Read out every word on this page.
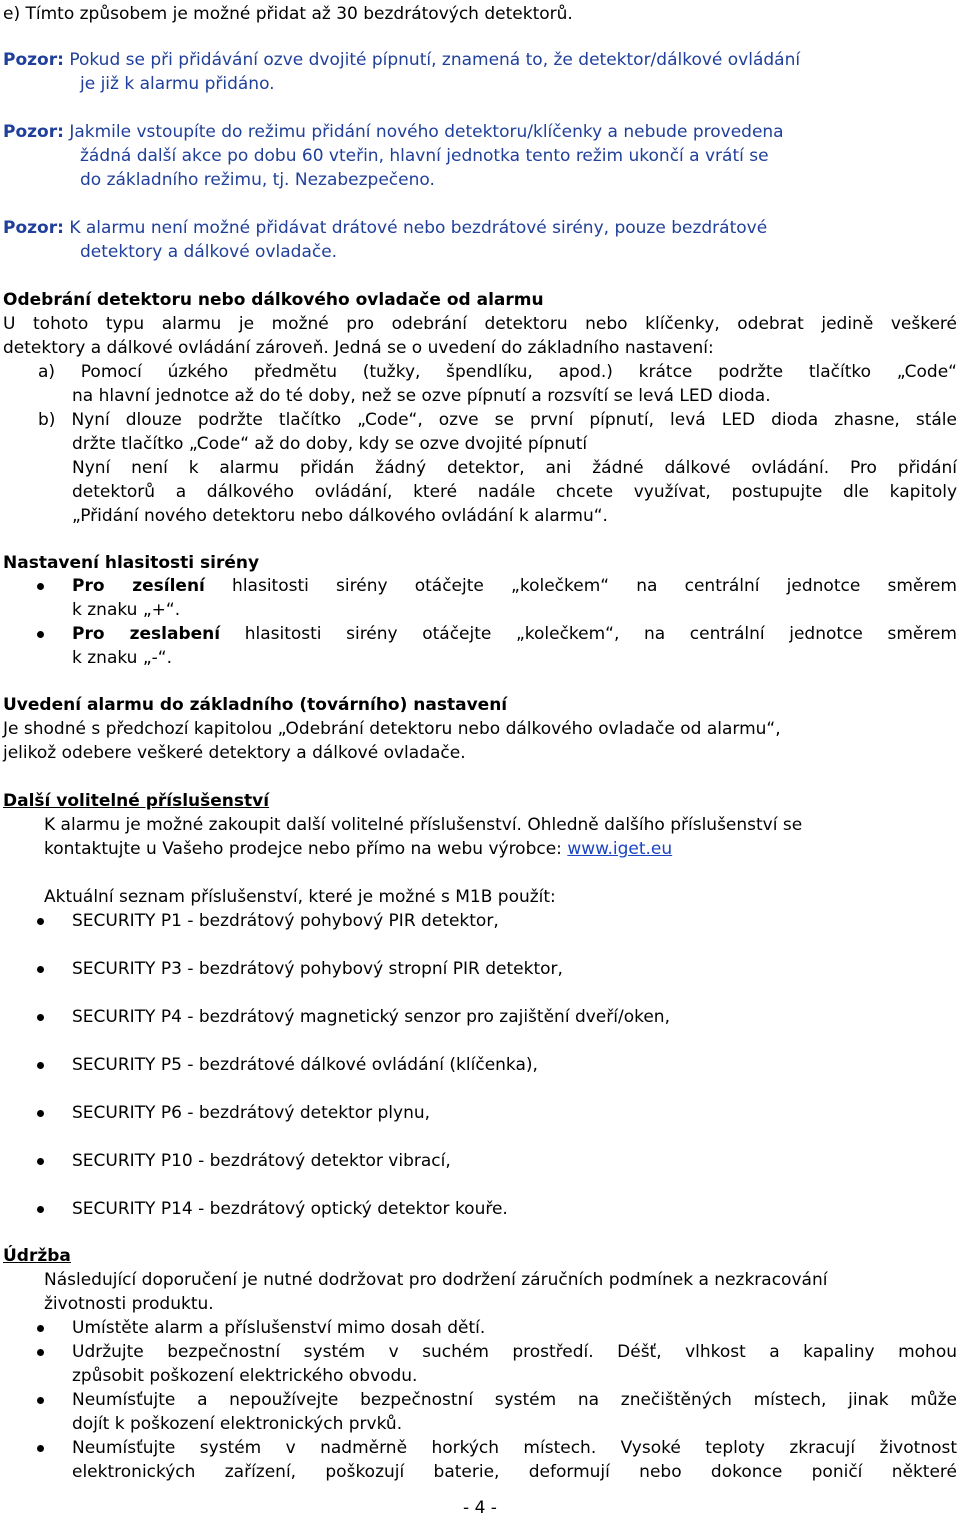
e) Tímto způsobem je možné přidat až 30 bezdrátových detektorů.
Pozor: Pokud se při přidávání ozve dvojité pípnutí, znamená to, že detektor/dálkové ovládání
je již k alarmu přidáno.
Pozor: Jakmile vstoupíte do režimu přidání nového detektoru/klíčenky a nebude provedena
žádná další akce po dobu 60 vteřin, hlavní jednotka tento režim ukončí a vrátí se
do základního režimu, tj. Nezabezpečeno.
Pozor: K alarmu není možné přidávat drátové nebo bezdrátové sirény, pouze bezdrátové
detektory a dálkové ovladače.
Odebrání detektoru nebo dálkového ovladače od alarmu
U tohoto typu alarmu je možné pro odebrání detektoru nebo klíčenky, odebrat jedině veškeré
detektory a dálkové ovládání zároveň. Jedná se o uvedení do základního nastavení:
a) Pomocí úzkého předmětu (tužky, špendlíku, apod.) krátce podržte tlačítko „Code“
na hlavní jednotce až do té doby, než se ozve pípnutí a rozsvítí se levá LED dioda.
b) Nyní dlouze podržte tlačítko „Code“, ozve se první pípnutí, levá LED dioda zhasne, stále
držte tlačítko „Code“ až do doby, kdy se ozve dvojité pípnutí
Nyní není k alarmu přidán žádný detektor, ani žádné dálkové ovládání. Pro přidání
detektorů a dálkového ovládání, které nadále chcete využívat, postupujte dle kapitoly
„Přidání nového detektoru nebo dálkového ovládání k alarmu“.
Nastavení hlasitosti sirény
Pro zesílení hlasitosti sirény otáčejte „kolečkem“ na centrální jednotce směrem
k znaku „+“.
Pro zeslabení hlasitosti sirény otáčejte „kolečkem“, na centrální jednotce směrem
k znaku „-“.
Uvedení alarmu do základního (továrního) nastavení
Je shodné s předchozí kapitolou „Odebrání detektoru nebo dálkového ovladače od alarmu“,
jelikož odebere veškeré detektory a dálkové ovladače.
Další volitelné příslušenství
K alarmu je možné zakoupit další volitelné příslušenství. Ohledně dalšího příslušenství se
kontaktujte u Vašeho prodejce nebo přímo na webu výrobce: www.iget.eu
Aktuální seznam příslušenství, které je možné s M1B použít:
SECURITY P1 - bezdrátový pohybový PIR detektor,
SECURITY P3 - bezdrátový pohybový stropní PIR detektor,
SECURITY P4 - bezdrátový magnetický senzor pro zajištění dveří/oken,
SECURITY P5 - bezdrátové dálkové ovládání (klíčenka),
SECURITY P6 - bezdrátový detektor plynu,
SECURITY P10 - bezdrátový detektor vibrací,
SECURITY P14 - bezdrátový optický detektor kouře.
Údržba
Následující doporučení je nutné dodržovat pro dodržení záručních podmínek a nezkracování
životnosti produktu.
Umístěte alarm a příslušenství mimo dosah dětí.
Udržujte bezpečnostní systém v suchém prostředí. Déšť, vlhkost a kapaliny mohou
způsobit poškození elektrického obvodu.
Neumísťujte a nepoužívejte bezpečnostní systém na znečištěných místech, jinak může
dojít k poškození elektronických prvků.
Neumísťujte systém v nadměrně horkých místech. Vysoké teploty zkracují životnost
elektronických zařízení, poškozují baterie, deformují nebo dokonce poničí některé
- 4 -
